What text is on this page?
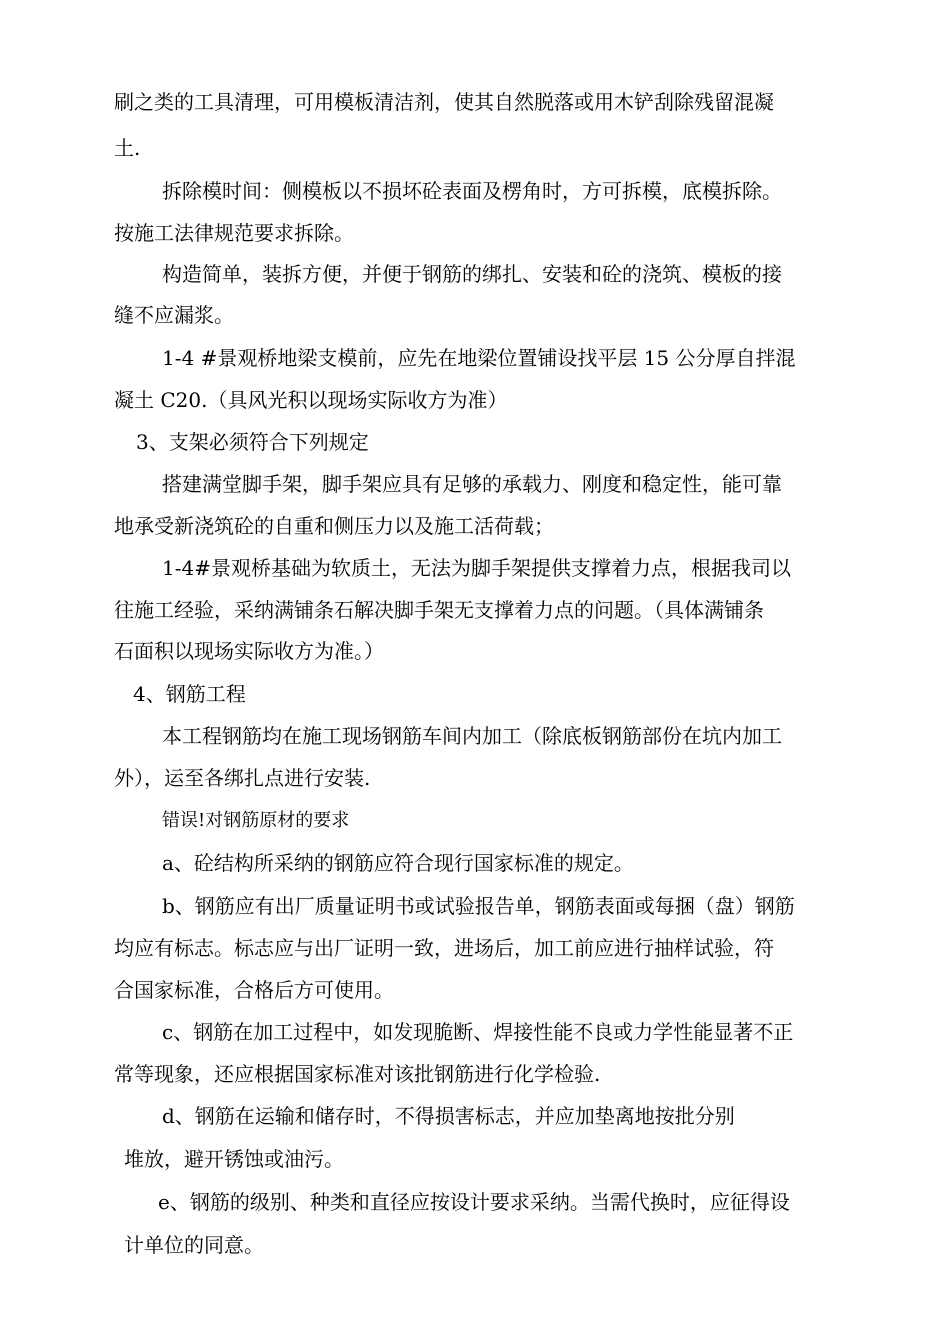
刷之类的工具清理，可用模板清洁剂，使其自然脱落或用木铲刮除残留混凝

土.

拆除模时间：侧模板以不损坏砼表面及楞角时，方可拆模，底模拆除。

按施工法律规范要求拆除。

构造简单，装拆方便，并便于钢筋的绑扎、安装和砼的浇筑、模板的接

缝不应漏浆。

1-4 #景观桥地梁支模前，应先在地梁位置铺设找平层 15 公分厚自拌混

凝土 C20.（具风光积以现场实际收方为准）

3、支架必须符合下列规定

搭建满堂脚手架，脚手架应具有足够的承载力、刚度和稳定性，能可靠

地承受新浇筑砼的自重和侧压力以及施工活荷载；

1-4#景观桥基础为软质土，无法为脚手架提供支撑着力点，根据我司以

往施工经验，采纳满铺条石解决脚手架无支撑着力点的问题。（具体满铺条

石面积以现场实际收方为准。）

4、钢筋工程

本工程钢筋均在施工现场钢筋车间内加工（除底板钢筋部份在坑内加工

外），运至各绑扎点进行安装.

错误!对钢筋原材的要求

a、砼结构所采纳的钢筋应符合现行国家标准的规定。

b、钢筋应有出厂质量证明书或试验报告单，钢筋表面或每捆（盘）钢筋

均应有标志。标志应与出厂证明一致，进场后，加工前应进行抽样试验，符

合国家标准，合格后方可使用。

c、钢筋在加工过程中，如发现脆断、焊接性能不良或力学性能显著不正

常等现象，还应根据国家标准对该批钢筋进行化学检验.

d、钢筋在运输和储存时，不得损害标志，并应加垫离地按批分别

堆放，避开锈蚀或油污。

e、钢筋的级别、种类和直径应按设计要求采纳。当需代换时，应征得设

计单位的同意。
